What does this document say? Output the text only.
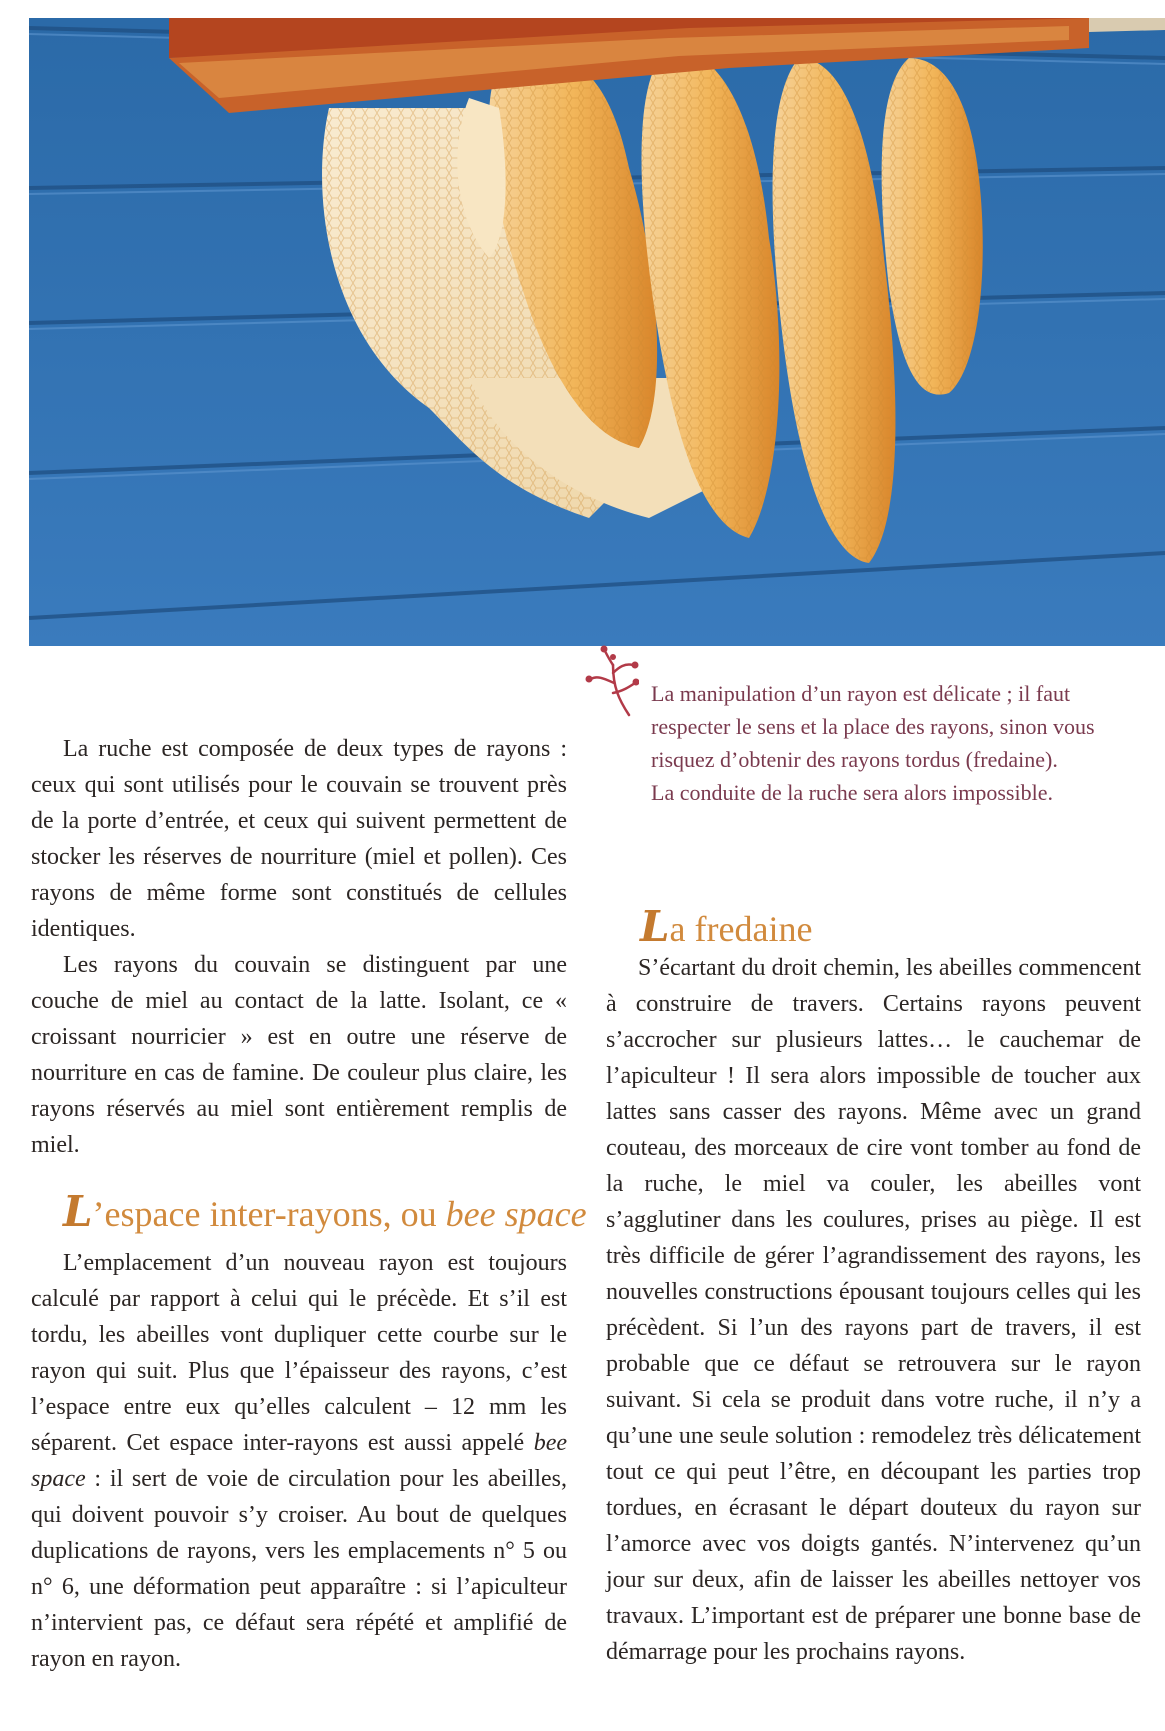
La manipulation d’un rayon est délicate ; il faut

respecter le sens et la place des rayons, sinon vous

risquez d’obtenir des rayons tordus (fredaine).

La conduite de la ruche sera alors impossible.

La ruche est composée de deux types de rayons : ceux qui sont utilisés pour le couvain se trouvent près de la porte d’entrée, et ceux qui suivent permettent de stocker les réserves de nourriture (miel et pollen). Ces rayons de même forme sont constitués de cellules identiques.

Les rayons du couvain se distinguent par une couche de miel au contact de la latte. Isolant, ce « croissant nourricier » est en outre une réserve de nourriture en cas de famine. De couleur plus claire, les rayons réservés au miel sont entièrement remplis de miel.

L’espace inter-rayons, ou bee space

L’emplacement d’un nouveau rayon est toujours calculé par rapport à celui qui le précède. Et s’il est tordu, les abeilles vont dupliquer cette courbe sur le rayon qui suit. Plus que l’épaisseur des rayons, c’est l’espace entre eux qu’elles calculent – 12 mm les séparent. Cet espace inter-rayons est aussi appelé bee space : il sert de voie de circulation pour les abeilles, qui doivent pouvoir s’y croiser. Au bout de quelques duplications de rayons, vers les emplacements n° 5 ou n° 6, une déformation peut apparaître : si l’apiculteur n’intervient pas, ce défaut sera répété et amplifié de rayon en rayon.

La fredaine

S’écartant du droit chemin, les abeilles commencent à construire de travers. Certains rayons peuvent s’accrocher sur plusieurs lattes… le cauchemar de l’apiculteur ! Il sera alors impossible de toucher aux lattes sans casser des rayons. Même avec un grand couteau, des morceaux de cire vont tomber au fond de la ruche, le miel va couler, les abeilles vont s’agglutiner dans les coulures, prises au piège. Il est très difficile de gérer l’agrandissement des rayons, les nouvelles constructions épousant toujours celles qui les précèdent. Si l’un des rayons part de travers, il est probable que ce défaut se retrouvera sur le rayon suivant. Si cela se produit dans votre ruche, il n’y a qu’une une seule solution : remodelez très délicatement tout ce qui peut l’être, en découpant les parties trop tordues, en écrasant le départ douteux du rayon sur l’amorce avec vos doigts gantés. N’intervenez qu’un jour sur deux, afin de laisser les abeilles nettoyer vos travaux. L’important est de préparer une bonne base de démarrage pour les prochains rayons.
